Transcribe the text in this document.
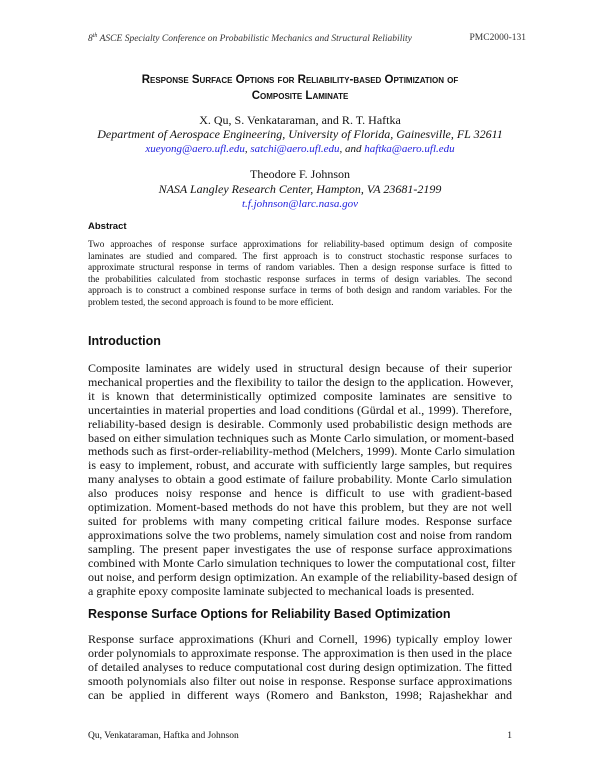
8th ASCE Specialty Conference on Probabilistic Mechanics and Structural Reliability	PMC2000-131
Response Surface Options for Reliability-based Optimization of
Composite Laminate
X. Qu, S. Venkataraman, and R. T. Haftka
Department of Aerospace Engineering, University of Florida, Gainesville, FL 32611
xueyong@aero.ufl.edu, satchi@aero.ufl.edu, and haftka@aero.ufl.edu
Theodore F. Johnson
NASA Langley Research Center, Hampton, VA 23681-2199
t.f.johnson@larc.nasa.gov
Abstract
Two approaches of response surface approximations for reliability-based optimum design of composite
laminates are studied and compared. The first approach is to construct stochastic response surfaces to
approximate structural response in terms of random variables. Then a design response surface is fitted to
the probabilities calculated from stochastic response surfaces in terms of design variables. The second
approach is to construct a combined response surface in terms of both design and random variables. For the
problem tested, the second approach is found to be more efficient.
Introduction
Composite laminates are widely used in structural design because of their superior
mechanical properties and the flexibility to tailor the design to the application. However,
it is known that deterministically optimized composite laminates are sensitive to
uncertainties in material properties and load conditions (Gürdal et al., 1999). Therefore,
reliability-based design is desirable. Commonly used probabilistic design methods are
based on either simulation techniques such as Monte Carlo simulation, or moment-based
methods such as first-order-reliability-method (Melchers, 1999). Monte Carlo simulation
is easy to implement, robust, and accurate with sufficiently large samples, but requires
many analyses to obtain a good estimate of failure probability. Monte Carlo simulation
also produces noisy response and hence is difficult to use with gradient-based
optimization. Moment-based methods do not have this problem, but they are not well
suited for problems with many competing critical failure modes. Response surface
approximations solve the two problems, namely simulation cost and noise from random
sampling. The present paper investigates the use of response surface approximations
combined with Monte Carlo simulation techniques to lower the computational cost, filter
out noise, and perform design optimization. An example of the reliability-based design of
a graphite epoxy composite laminate subjected to mechanical loads is presented.
Response Surface Options for Reliability Based Optimization
Response surface approximations (Khuri and Cornell, 1996) typically employ lower
order polynomials to approximate response. The approximation is then used in the place
of detailed analyses to reduce computational cost during design optimization. The fitted
smooth polynomials also filter out noise in response. Response surface approximations
can be applied in different ways (Romero and Bankston, 1998; Rajashekhar and
Qu, Venkataraman, Haftka and Johnson	1
